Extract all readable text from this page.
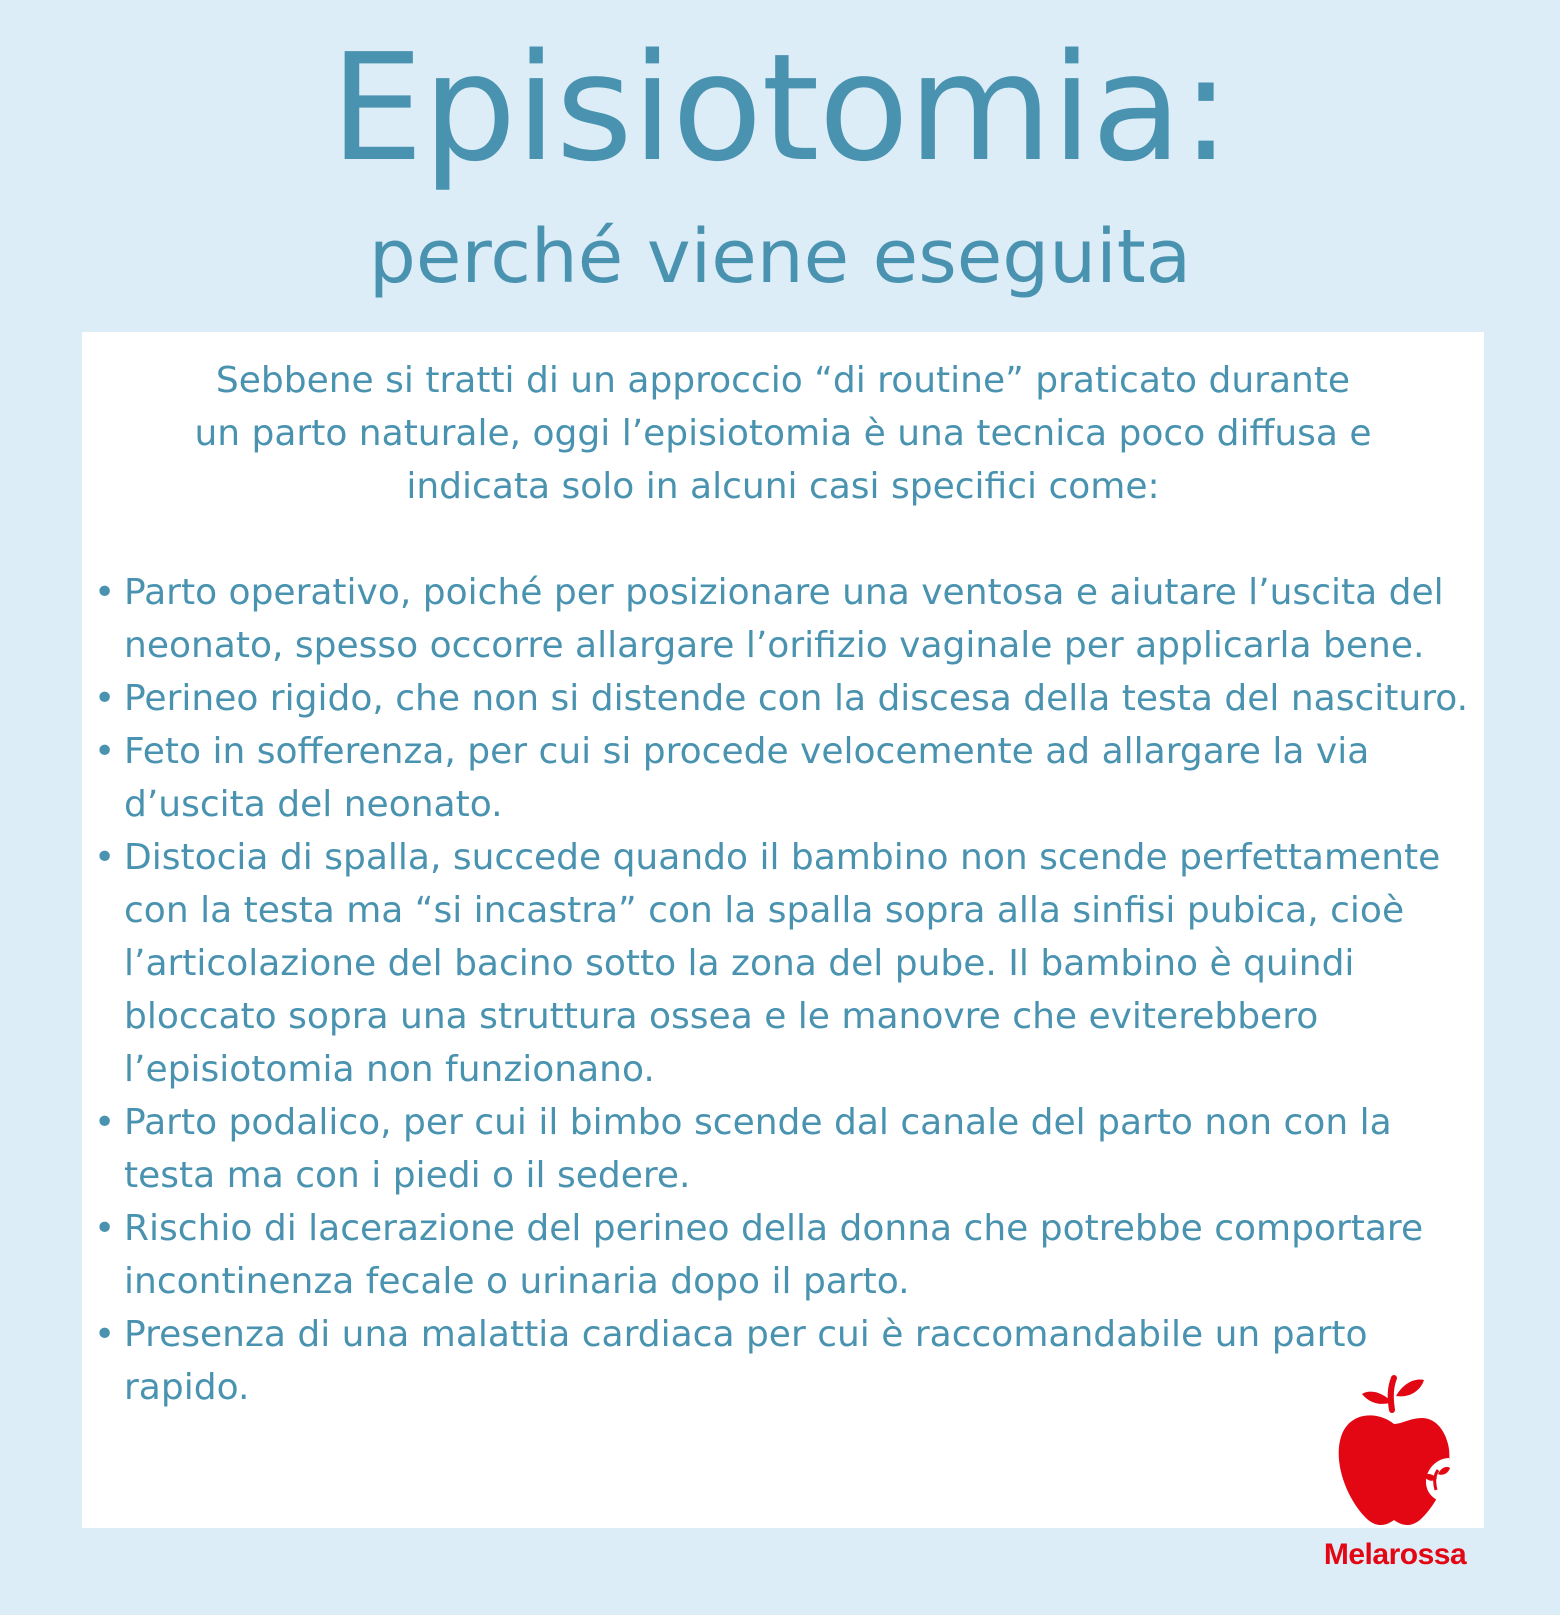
Episiotomia:
perché viene eseguita

Sebbene si tratti di un approccio “di routine” praticato durante
un parto naturale, oggi l’episiotomia è una tecnica poco diffusa e
indicata solo in alcuni casi specifici come:

• Parto operativo, poiché per posizionare una ventosa e aiutare l’uscita del neonato, spesso occorre allargare l’orifizio vaginale per applicarla bene.
• Perineo rigido, che non si distende con la discesa della testa del nascituro.
• Feto in sofferenza, per cui si procede velocemente ad allargare la via d’uscita del neonato.
• Distocia di spalla, succede quando il bambino non scende perfettamente con la testa ma “si incastra” con la spalla sopra alla sinfisi pubica, cioè l’articolazione del bacino sotto la zona del pube. Il bambino è quindi bloccato sopra una struttura ossea e le manovre che eviterebbero l’episiotomia non funzionano.
• Parto podalico, per cui il bimbo scende dal canale del parto non con la testa ma con i piedi o il sedere.
• Rischio di lacerazione del perineo della donna che potrebbe comportare incontinenza fecale o urinaria dopo il parto.
• Presenza di una malattia cardiaca per cui è raccomandabile un parto rapido.
Melarossa
